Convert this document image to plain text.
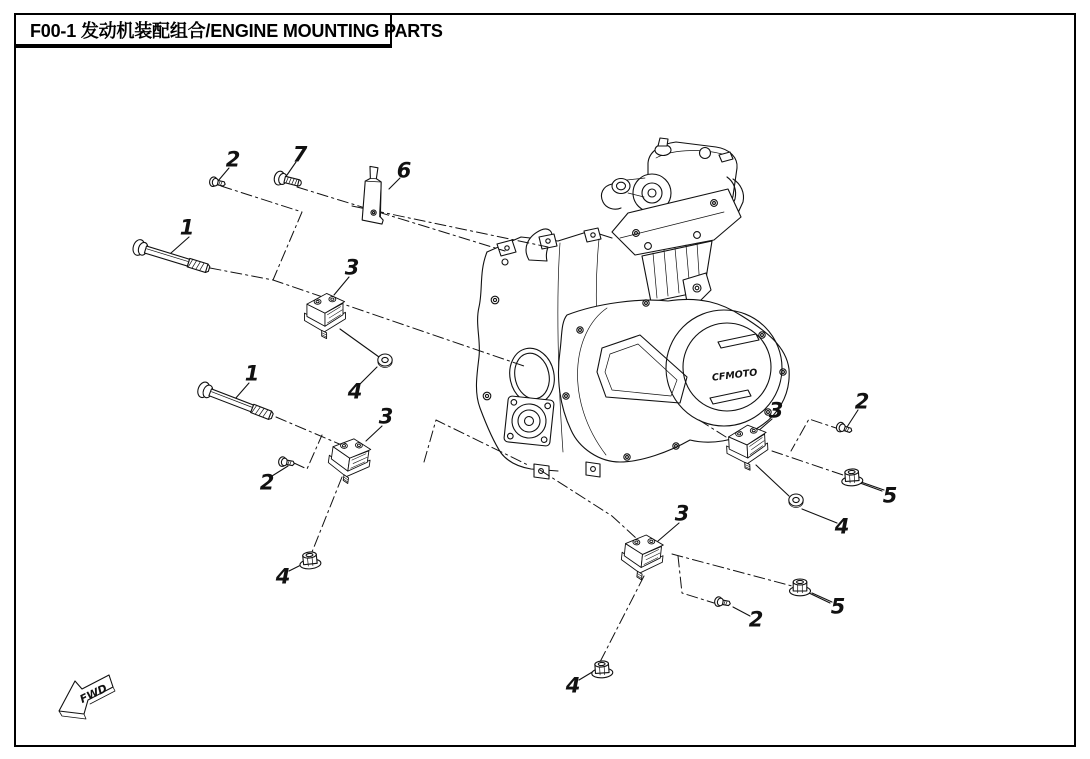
F00-1 发动机装配组合/ENGINE MOUNTING PARTS
CFMOTO
FWD
1
1
2
2
2
2
3
3
3
3
4
4
4
4
5
5
6
7
